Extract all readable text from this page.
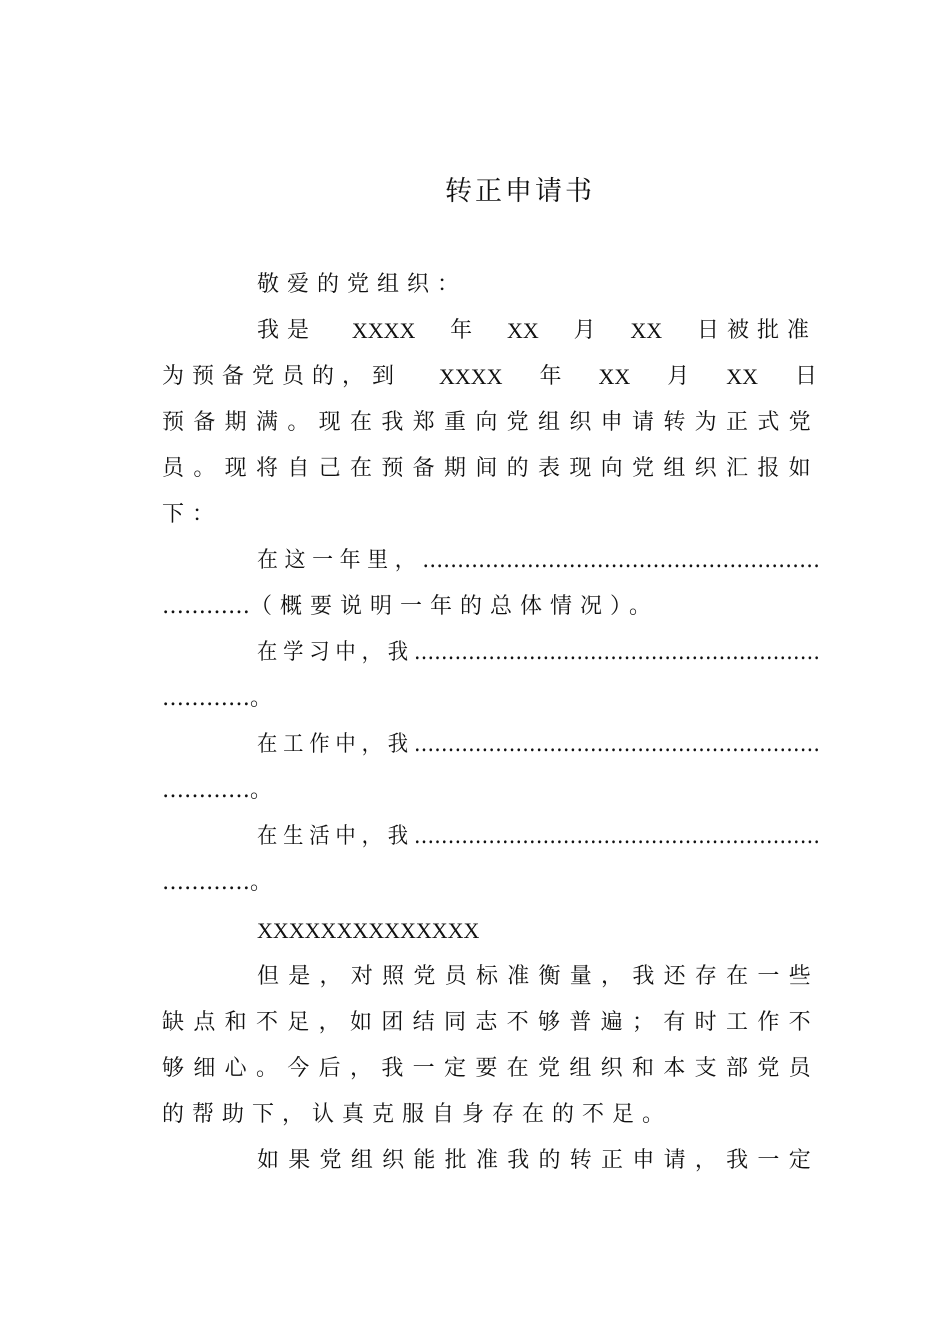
转正申请书
敬爱的党组织：
我是 XXXX 年 XX 月 XX 日被批准
为预备党员的，到 XXXX 年 XX 月 XX 日
预备期满。现在我郑重向党组织申请转为正式党
员。现将自己在预备期间的表现向党组织汇报如
下：
在这一年里，…………………………………………………
…………（概要说明一年的总体情况）。
在学习中，我……………………………………………………
…………。
在工作中，我……………………………………………………
…………。
在生活中，我……………………………………………………
…………。
XXXXXXXXXXXXXX
但是，对照党员标准衡量，我还存在一些
缺点和不足，如团结同志不够普遍；有时工作不
够细心。今后，我一定要在党组织和本支部党员
的帮助下，认真克服自身存在的不足。
如果党组织能批准我的转正申请，我一定
